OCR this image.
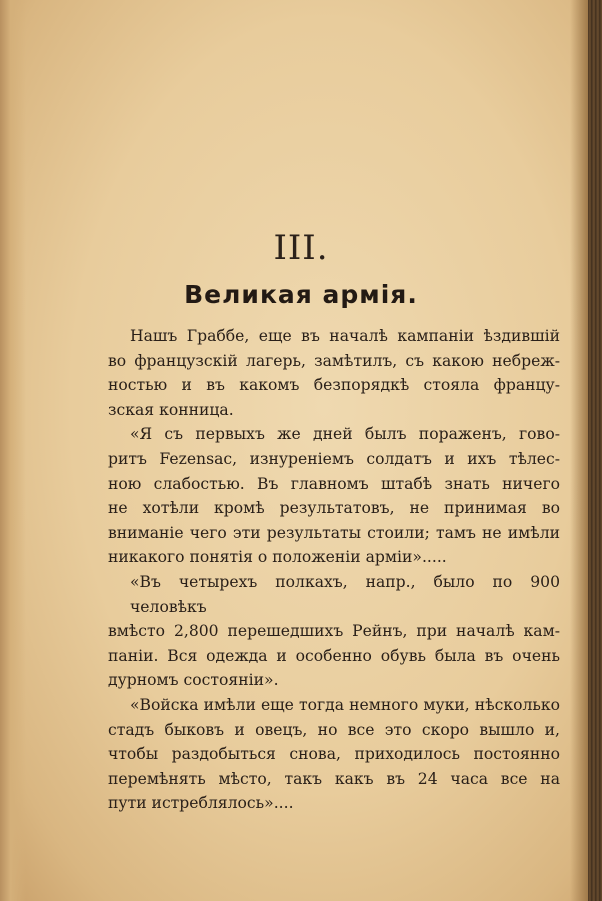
III.
Великая армія.

Нашъ Граббе, еще въ началѣ кампаніи ѣздившій
во французскій лагерь, замѣтилъ, съ какою небреж-
ностью и въ какомъ безпорядкѣ стояла францу-
зская конница.

«Я съ первыхъ же дней былъ пораженъ, гово-
ритъ Fezensac, изнуреніемъ солдатъ и ихъ тѣлес-
ною слабостью. Въ главномъ штабѣ знать ничего
не хотѣли кромѣ результатовъ, не принимая во
вниманіе чего эти результаты стоили; тамъ не имѣли
никакого понятія о положеніи арміи».....

«Въ четырехъ полкахъ, напр., было по 900 человѣкъ
вмѣсто 2,800 перешедшихъ Рейнъ, при началѣ кам-
паніи. Вся одежда и особенно обувь была въ очень
дурномъ состояніи».

«Войска имѣли еще тогда немного муки, нѣсколько
стадъ быковъ и овецъ, но все это скоро вышло и,
чтобы раздобыться снова, приходилось постоянно
перемѣнять мѣсто, такъ какъ въ 24 часа все на
пути истреблялось»....
